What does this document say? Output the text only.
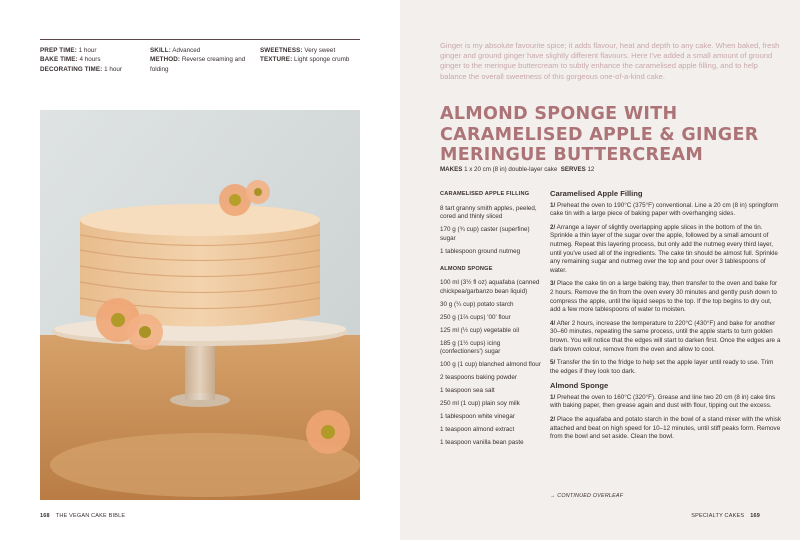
PREP TIME: 1 hour
BAKE TIME: 4 hours
DECORATING TIME: 1 hour
SKILL: Advanced
METHOD: Reverse creaming and folding
SWEETNESS: Very sweet
TEXTURE: Light sponge crumb
168 THE VEGAN CAKE BIBLE

Ginger is my absolute favourite spice; it adds flavour, heat and depth to any cake. When baked, fresh ginger and ground ginger have slightly different flavours. Here I've added a small amount of ground ginger to the meringue buttercream to subtly enhance the caramelised apple filling, and to help balance the overall sweetness of this gorgeous one-of-a-kind cake.

ALMOND SPONGE WITH CARAMELISED APPLE & GINGER MERINGUE BUTTERCREAM
MAKES 1 x 20 cm (8 in) double-layer cake SERVES 12
CARAMELISED APPLE FILLING
8 tart granny smith apples, peeled, cored and thinly sliced
170 g (¾ cup) caster (superfine) sugar
1 tablespoon ground nutmeg
ALMOND SPONGE
100 ml (3½ fl oz) aquafaba (canned chickpea/garbanzo bean liquid)
30 g (¼ cup) potato starch
250 g (1⅔ cups) '00' flour
125 ml (½ cup) vegetable oil
185 g (1½ cups) icing (confectioners') sugar
100 g (1 cup) blanched almond flour
2 teaspoons baking powder
1 teaspoon sea salt
250 ml (1 cup) plain soy milk
1 tablespoon white vinegar
1 teaspoon almond extract
1 teaspoon vanilla bean paste
Caramelised Apple Filling

1/ Preheat the oven to 190°C (375°F) conventional. Line a 20 cm (8 in) springform cake tin with a large piece of baking paper with overhanging sides.

2/ Arrange a layer of slightly overlapping apple slices in the bottom of the tin. Sprinkle a thin layer of the sugar over the apple, followed by a small amount of nutmeg. Repeat this layering process, but only add the nutmeg every third layer, until you've used all of the ingredients. The cake tin should be almost full. Sprinkle any remaining sugar and nutmeg over the top and pour over 3 tablespoons of water.

3/ Place the cake tin on a large baking tray, then transfer to the oven and bake for 2 hours. Remove the tin from the oven every 30 minutes and gently push down to compress the apple, until the liquid seeps to the top. If the top begins to dry out, add a few more tablespoons of water to moisten.

4/ After 2 hours, increase the temperature to 220°C (430°F) and bake for another 30–60 minutes, repeating the same process, until the apple starts to turn golden brown. You will notice that the edges will start to darken first. Once the edges are a dark brown colour, remove from the oven and allow to cool.

5/ Transfer the tin to the fridge to help set the apple layer until ready to use. Trim the edges if they look too dark.

Almond Sponge

1/ Preheat the oven to 160°C (320°F). Grease and line two 20 cm (8 in) cake tins with baking paper, then grease again and dust with flour, tipping out the excess.

2/ Place the aquafaba and potato starch in the bowl of a stand mixer with the whisk attached and beat on high speed for 10–12 minutes, until stiff peaks form. Remove from the bowl and set aside. Clean the bowl.

→ CONTINUED OVERLEAF
SPECIALTY CAKES 169
